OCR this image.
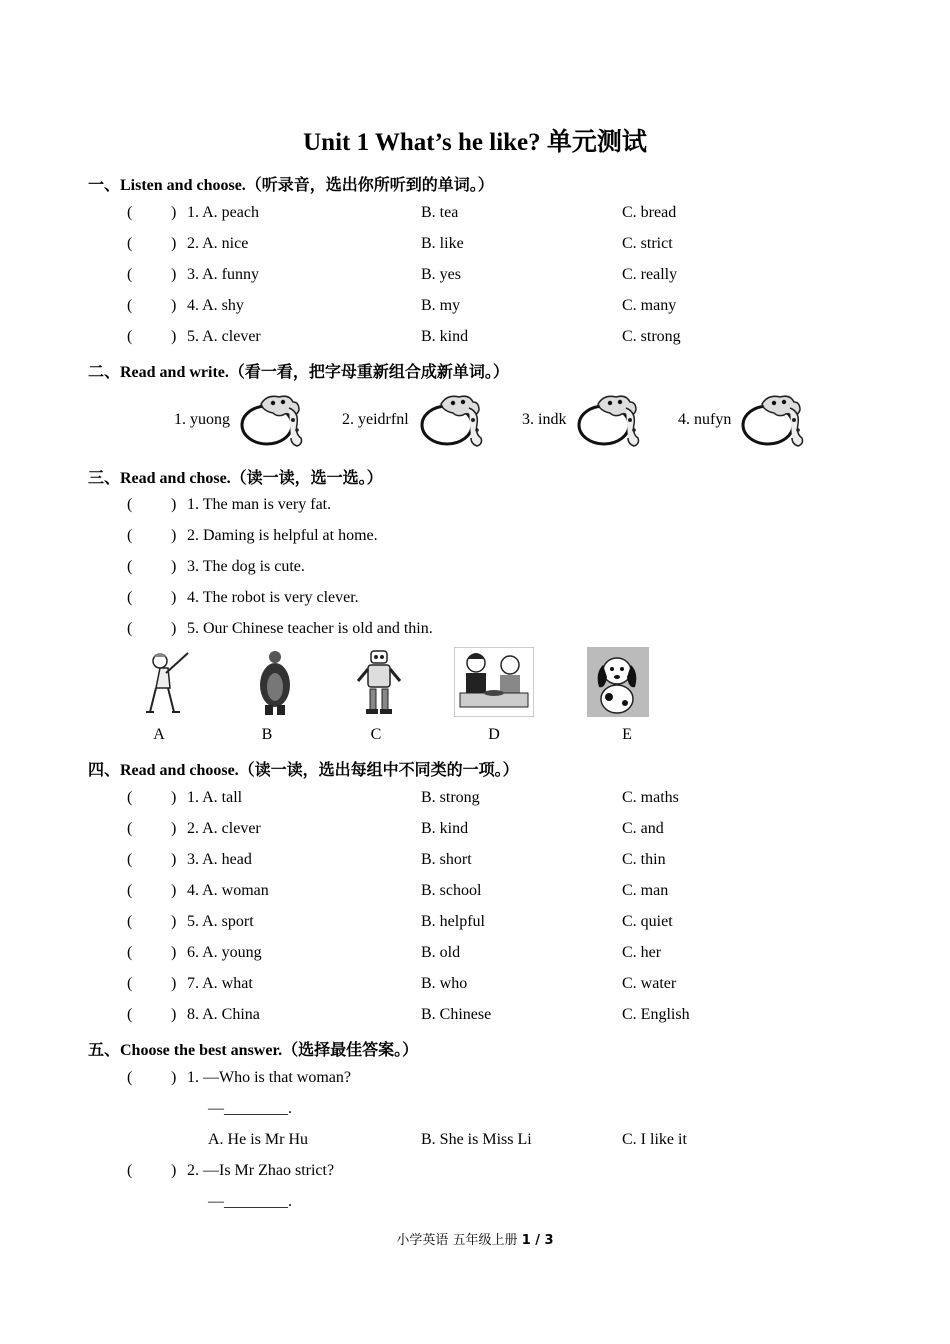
Unit 1 What’s he like? 单元测试
一、Listen and choose.（听录音，选出你所听到的单词。）
( ) 1. A. peach	B. tea	C. bread
( ) 2. A. nice	B. like	C. strict
( ) 3. A. funny	B. yes	C. really
( ) 4. A. shy	B. my	C. many
( ) 5. A. clever	B. kind	C. strong
二、Read and write.（看一看，把字母重新组合成新单词。）
1. yuong	2. yeidrfnl	3. indk	4. nufyn
三、Read and chose.（读一读，选一选。）
( ) 1. The man is very fat.
( ) 2. Daming is helpful at home.
( ) 3. The dog is cute.
( ) 4. The robot is very clever.
( ) 5. Our Chinese teacher is old and thin.
A	B	C	D	E
四、Read and choose.（读一读，选出每组中不同类的一项。）
( ) 1. A. tall	B. strong	C. maths
( ) 2. A. clever	B. kind	C. and
( ) 3. A. head	B. short	C. thin
( ) 4. A. woman	B. school	C. man
( ) 5. A. sport	B. helpful	C. quiet
( ) 6. A. young	B. old	C. her
( ) 7. A. what	B. who	C. water
( ) 8. A. China	B. Chinese	C. English
五、Choose the best answer.（选择最佳答案。）
( ) 1. —Who is that woman?
—________.
A. He is Mr Hu	B. She is Miss Li	C. I like it
( ) 2. —Is Mr Zhao strict?
—________.
小学英语 五年级上册 1 / 3
